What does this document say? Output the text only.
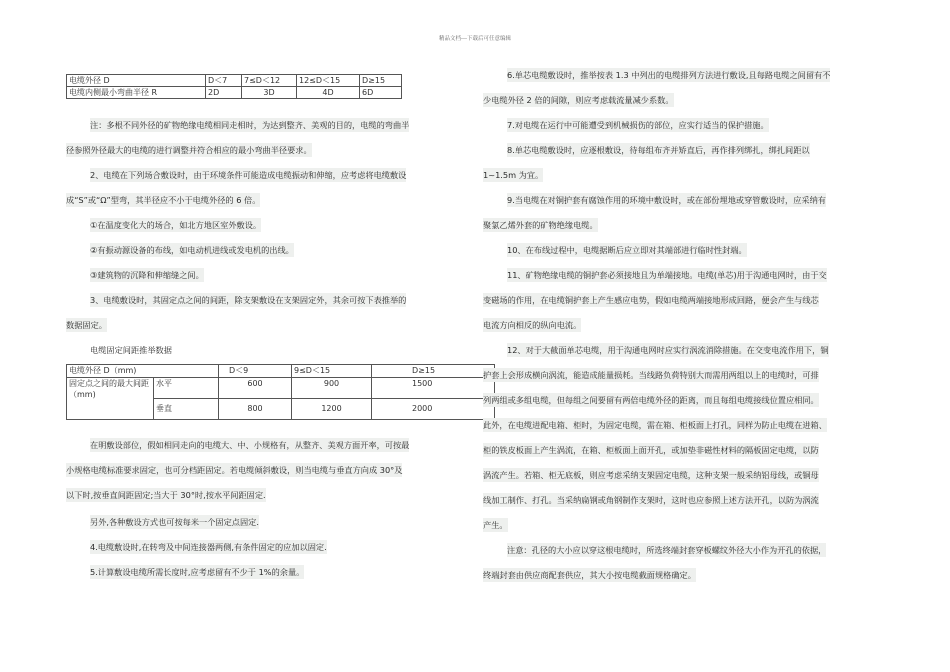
精品文档---下载后可任意编辑
电缆外径 D	D＜7	7≤D＜12	12≤D＜15	D≥15
电缆内侧最小弯曲半径 R	2D	3D	4D	6D
注：多根不同外径的矿物绝缘电缆相同走相时，为达到整齐、美观的目的，电缆的弯曲半
径参照外径最大的电缆的进行调整并符合相应的最小弯曲半径要求。
2、电缆在下列场合敷设时，由于环境条件可能造成电缆振动和伸缩，应考虑将电缆敷设
成“S”或“Ω”型弯，其半径应不小于电缆外径的 6 倍。
①在温度变化大的场合，如北方地区室外敷设。
②有振动源设备的布线，如电动机进线或发电机的出线。
③建筑物的沉降和伸缩缝之间。
3、电缆敷设时，其固定点之间的间距，除支架敷设在支架固定外，其余可按下表推举的
数据固定。
电缆固定间距推举数据
电缆外径 D（mm)		D＜9	9≤D＜15	D≥15
固定点之间的最大间距
（mm)	水平	600	900	1500
	垂直	800	1200	2000
在明敷设部位，假如相同走向的电缆大、中、小规格有，从整齐、美观方面开率，可按最
小规格电缆标准要求固定，也可分档距固定。若电缆倾斜敷设，则当电缆与垂直方向成 30°及
以下时,按垂直间距固定;当大于 30°时,按水平间距固定.
另外,各种敷设方式也可按每米一个固定点固定.
4.电缆敷设时,在转弯及中间连接器两侧,有条件固定的应加以固定.
5.计算敷设电缆所需长度时,应考虑留有不少于 1%的余量。
6.单芯电缆敷设时，推举按表 1.3 中列出的电缆排列方法进行敷设,且每路电缆之间留有不
少电缆外径 2 倍的间隙，则应考虑载流量减少系数。
7.对电缆在运行中可能遭受到机械损伤的部位，应实行适当的保护措施。
8.单芯电缆敷设时，应逐根敷设，待每组布齐并矫直后，再作排列绑扎，绑扎间距以
1~1.5m 为宜。
9.当电缆在对铜护套有腐蚀作用的环境中敷设时，或在部份埋地或穿管敷设时，应采纳有
聚氯乙烯外套的矿物绝缘电缆。
10、在布线过程中，电缆据断后应立即对其端部进行临时性封端。
11、矿物绝缘电缆的铜护套必须接地且为单端接地。电缆(单芯)用于沟通电网时，由于交
变磁场的作用，在电缆铜护套上产生感应电势，假如电缆两端接地形成回路，便会产生与线芯
电流方向相反的纵向电流。
12、对于大截面单芯电缆，用于沟通电网时应实行涡流消除措施。在交变电流作用下，铜
护套上会形成横向涡流，能造成能量损耗。当线路负荷特别大而需用两组以上的电缆时，可排
列两组或多组电缆，但每组之间要留有两倍电缆外径的距离，而且每组电缆接线位置应相同。
此外，在电缆进配电箱、柜时，为固定电缆，需在箱、柜板面上打孔，同样为防止电缆在进箱、
柜的铁皮板面上产生涡流，在箱、柜板面上面开孔，或加垫非磁性材料的隔板固定电缆，以防
涡流产生。若箱、柜无底板，则应考虑采纳支架固定电缆，这种支架一般采纳铝母线，或铜母
线加工制作、打孔。当采纳扁钢或角钢制作支架时，这时也应参照上述方法开孔，以防为涡流
产生。
注意：孔径的大小应以穿这根电缆时，所选终端封套穿板螺纹外径大小作为开孔的依据，
终端封套由供应商配套供应，其大小按电缆截面规格确定。
